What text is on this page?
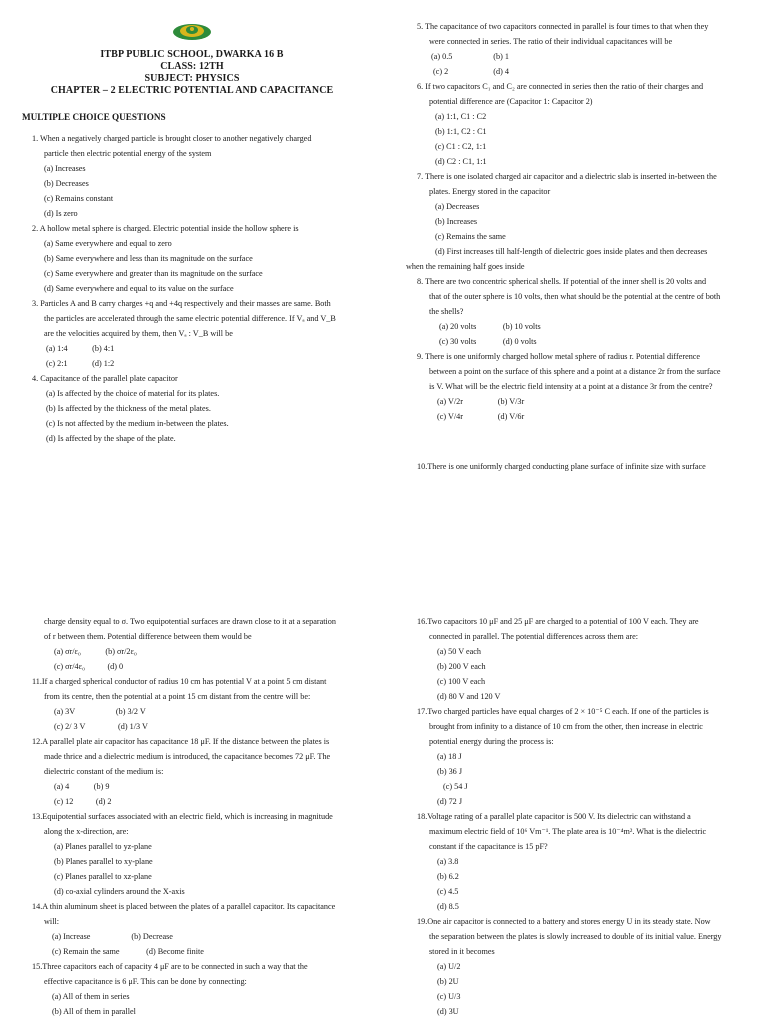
ITBP PUBLIC SCHOOL, DWARKA 16 B
CLASS: 12TH
SUBJECT: PHYSICS
CHAPTER – 2 ELECTRIC POTENTIAL AND CAPACITANCE
MULTIPLE CHOICE QUESTIONS
1. When a negatively charged particle is brought closer to another negatively charged
particle then electric potential energy of the system
(a) Increases
(b) Decreases
(c) Remains constant
(d) Is zero
2. A hollow metal sphere is charged. Electric potential inside the hollow sphere is
(a) Same everywhere and equal to zero
(b) Same everywhere and less than its magnitude on the surface
(c) Same everywhere and greater than its magnitude on the surface
(d) Same everywhere and equal to its value on the surface
3. Particles A and B carry charges +q and +4q respectively and their masses are same. Both
the particles are accelerated through the same electric potential difference. If Vₐ and V_B
are the velocities acquired by them, then Vₐ : V_B will be
(a) 1:4            (b) 4:1
(c) 2:1            (d) 1:2
4. Capacitance of the parallel plate capacitor
(a) Is affected by the choice of material for its plates.
(b) Is affected by the thickness of the metal plates.
(c) Is not affected by the medium in-between the plates.
(d) Is affected by the shape of the plate.
5. The capacitance of two capacitors connected in parallel is four times to that when they
were connected in series. The ratio of their individual capacitances will be
(a) 0.5                    (b) 1
(c) 2                      (d) 4
6. If two capacitors C₁ and C₂ are connected in series then the ratio of their charges and
potential difference are (Capacitor 1: Capacitor 2)
(a) 1:1, C1 : C2
(b) 1:1, C2 : C1
(c) C1 : C2, 1:1
(d) C2 : C1, 1:1
7. There is one isolated charged air capacitor and a dielectric slab is inserted in-between the
plates. Energy stored in the capacitor
(a) Decreases
(b) Increases
(c) Remains the same
(d) First increases till half-length of dielectric goes inside plates and then decreases
when the remaining half goes inside
8. There are two concentric spherical shells. If potential of the inner shell is 20 volts and
that of the outer sphere is 10 volts, then what should be the potential at the centre of both
the shells?
(a) 20 volts             (b) 10 volts
(c) 30 volts             (d) 0 volts
9. There is one uniformly charged hollow metal sphere of radius r. Potential difference
between a point on the surface of this sphere and a point at a distance 2r from the surface
is V. What will be the electric field intensity at a point at a distance 3r from the centre?
(a) V/2r                 (b) V/3r
(c) V/4r                 (d) V/6r
10.There is one uniformly charged conducting plane surface of infinite size with surface
charge density equal to σ. Two equipotential surfaces are drawn close to it at a separation
of r between them. Potential difference between them would be
(a) σr/ε₀            (b) σr/2ε₀
(c) σr/4ε₀           (d) 0
11.If a charged spherical conductor of radius 10 cm has potential V at a point 5 cm distant
from its centre, then the potential at a point 15 cm distant from the centre will be:
(a) 3V                    (b) 3/2 V
(c) 2/ 3 V                (d) 1/3 V
12.A parallel plate air capacitor has capacitance 18 μF. If the distance between the plates is
made thrice and a dielectric medium is introduced, the capacitance becomes 72 μF. The
dielectric constant of the medium is:
(a) 4            (b) 9
(c) 12           (d) 2
13.Equipotential surfaces associated with an electric field, which is increasing in magnitude
along the x-direction, are:
(a) Planes parallel to yz-plane
(b) Planes parallel to xy-plane
(c) Planes parallel to xz-plane
(d) co-axial cylinders around the X-axis
14.A thin aluminum sheet is placed between the plates of a parallel capacitor. Its capacitance
will:
(a) Increase                    (b) Decrease
(c) Remain the same             (d) Become finite
15.Three capacitors each of capacity 4 μF are to be connected in such a way that the
effective capacitance is 6 μF. This can be done by connecting:
(a) All of them in series
(b) All of them in parallel
16.Two capacitors 10 μF and 25 μF are charged to a potential of 100 V each. They are
connected in parallel. The potential differences across them are:
(a) 50 V each
(b) 200 V each
(c) 100 V each
(d) 80 V and 120 V
17.Two charged particles have equal charges of 2 × 10⁻⁵ C each. If one of the particles is
brought from infinity to a distance of 10 cm from the other, then increase in electric
potential energy during the process is:
(a) 18 J
(b) 36 J
(c) 54 J
(d) 72 J
18.Voltage rating of a parallel plate capacitor is 500 V. Its dielectric can withstand a
maximum electric field of 10⁶ Vm⁻¹. The plate area is 10⁻⁴m². What is the dielectric
constant if the capacitance is 15 pF?
(a) 3.8
(b) 6.2
(c) 4.5
(d) 8.5
19.One air capacitor is connected to a battery and stores energy U in its steady state. Now
the separation between the plates is slowly increased to double of its initial value. Energy
stored in it becomes
(a) U/2
(b) 2U
(c) U/3
(d) 3U
